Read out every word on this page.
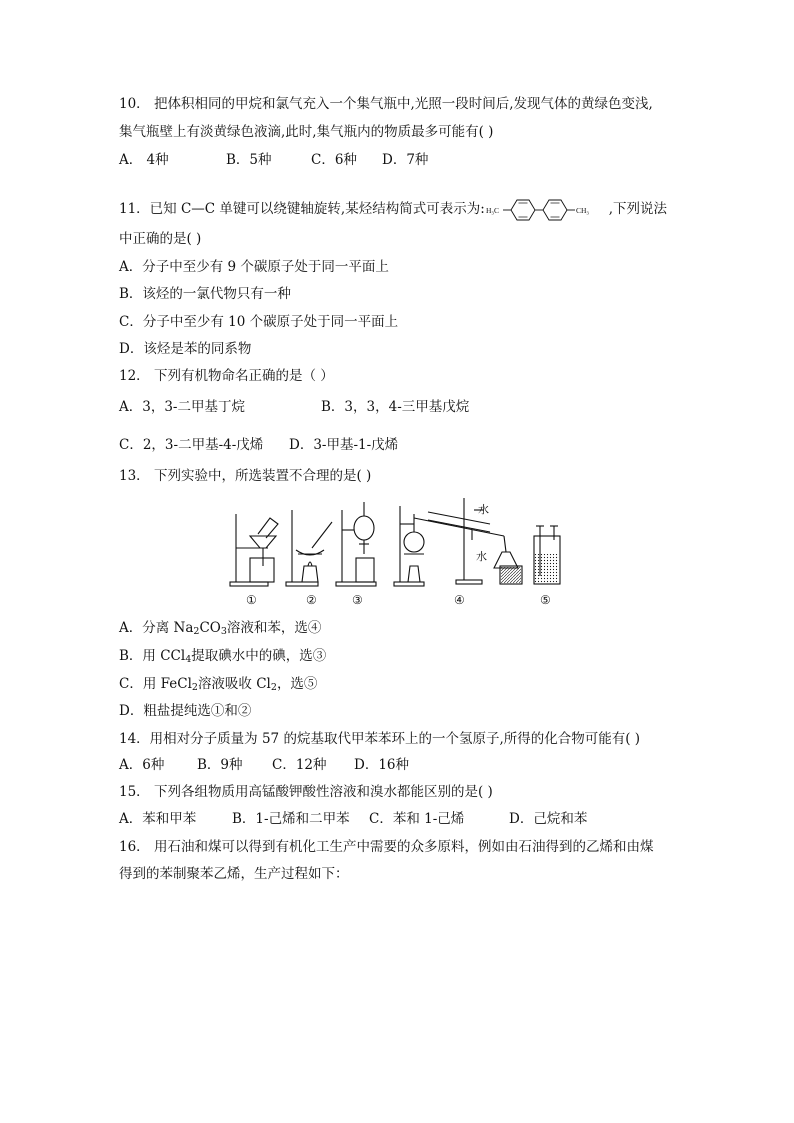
10． 把体积相同的甲烷和氯气充入一个集气瓶中,光照一段时间后,发现气体的黄绿色变浅,
集气瓶壁上有淡黄绿色液滴,此时,集气瓶内的物质最多可能有( )
A． 4种	B．5种	C．6种 D．7种
11．已知 C—C 单键可以绕键轴旋转,某烃结构简式可表示为: H₃C	CH₃ ,下列说法
中正确的是( )
A．分子中至少有 9 个碳原子处于同一平面上
B．该烃的一氯代物只有一种
C．分子中至少有 10 个碳原子处于同一平面上
D．该烃是苯的同系物
12． 下列有机物命名正确的是（ ）
A．3，3-二甲基丁烷	B．3，3，4-三甲基戊烷
C．2，3-二甲基-4-戊烯 D．3-甲基-1-戊烯
13． 下列实验中，所选装置不合理的是( )
水
水
①	②	③	④	⑤
A．分离 $Na_2CO_3$溶液和苯，选④
B．用 CCl$_4$提取碘水中的碘，选③
C．用 FeCl$_2$溶液吸收 $Cl_2$，选⑤
D．粗盐提纯选①和②
14．用相对分子质量为 57 的烷基取代甲苯苯环上的一个氢原子,所得的化合物可能有( )
A．6种 B．9种 C．12种 D．16种
15． 下列各组物质用高锰酸钾酸性溶液和溴水都能区别的是( )
A．苯和甲苯	B．1-己烯和二甲苯 C．苯和 1-己烯	D．己烷和苯
16． 用石油和煤可以得到有机化工生产中需要的众多原料，例如由石油得到的乙烯和由煤
得到的苯制聚苯乙烯，生产过程如下：
